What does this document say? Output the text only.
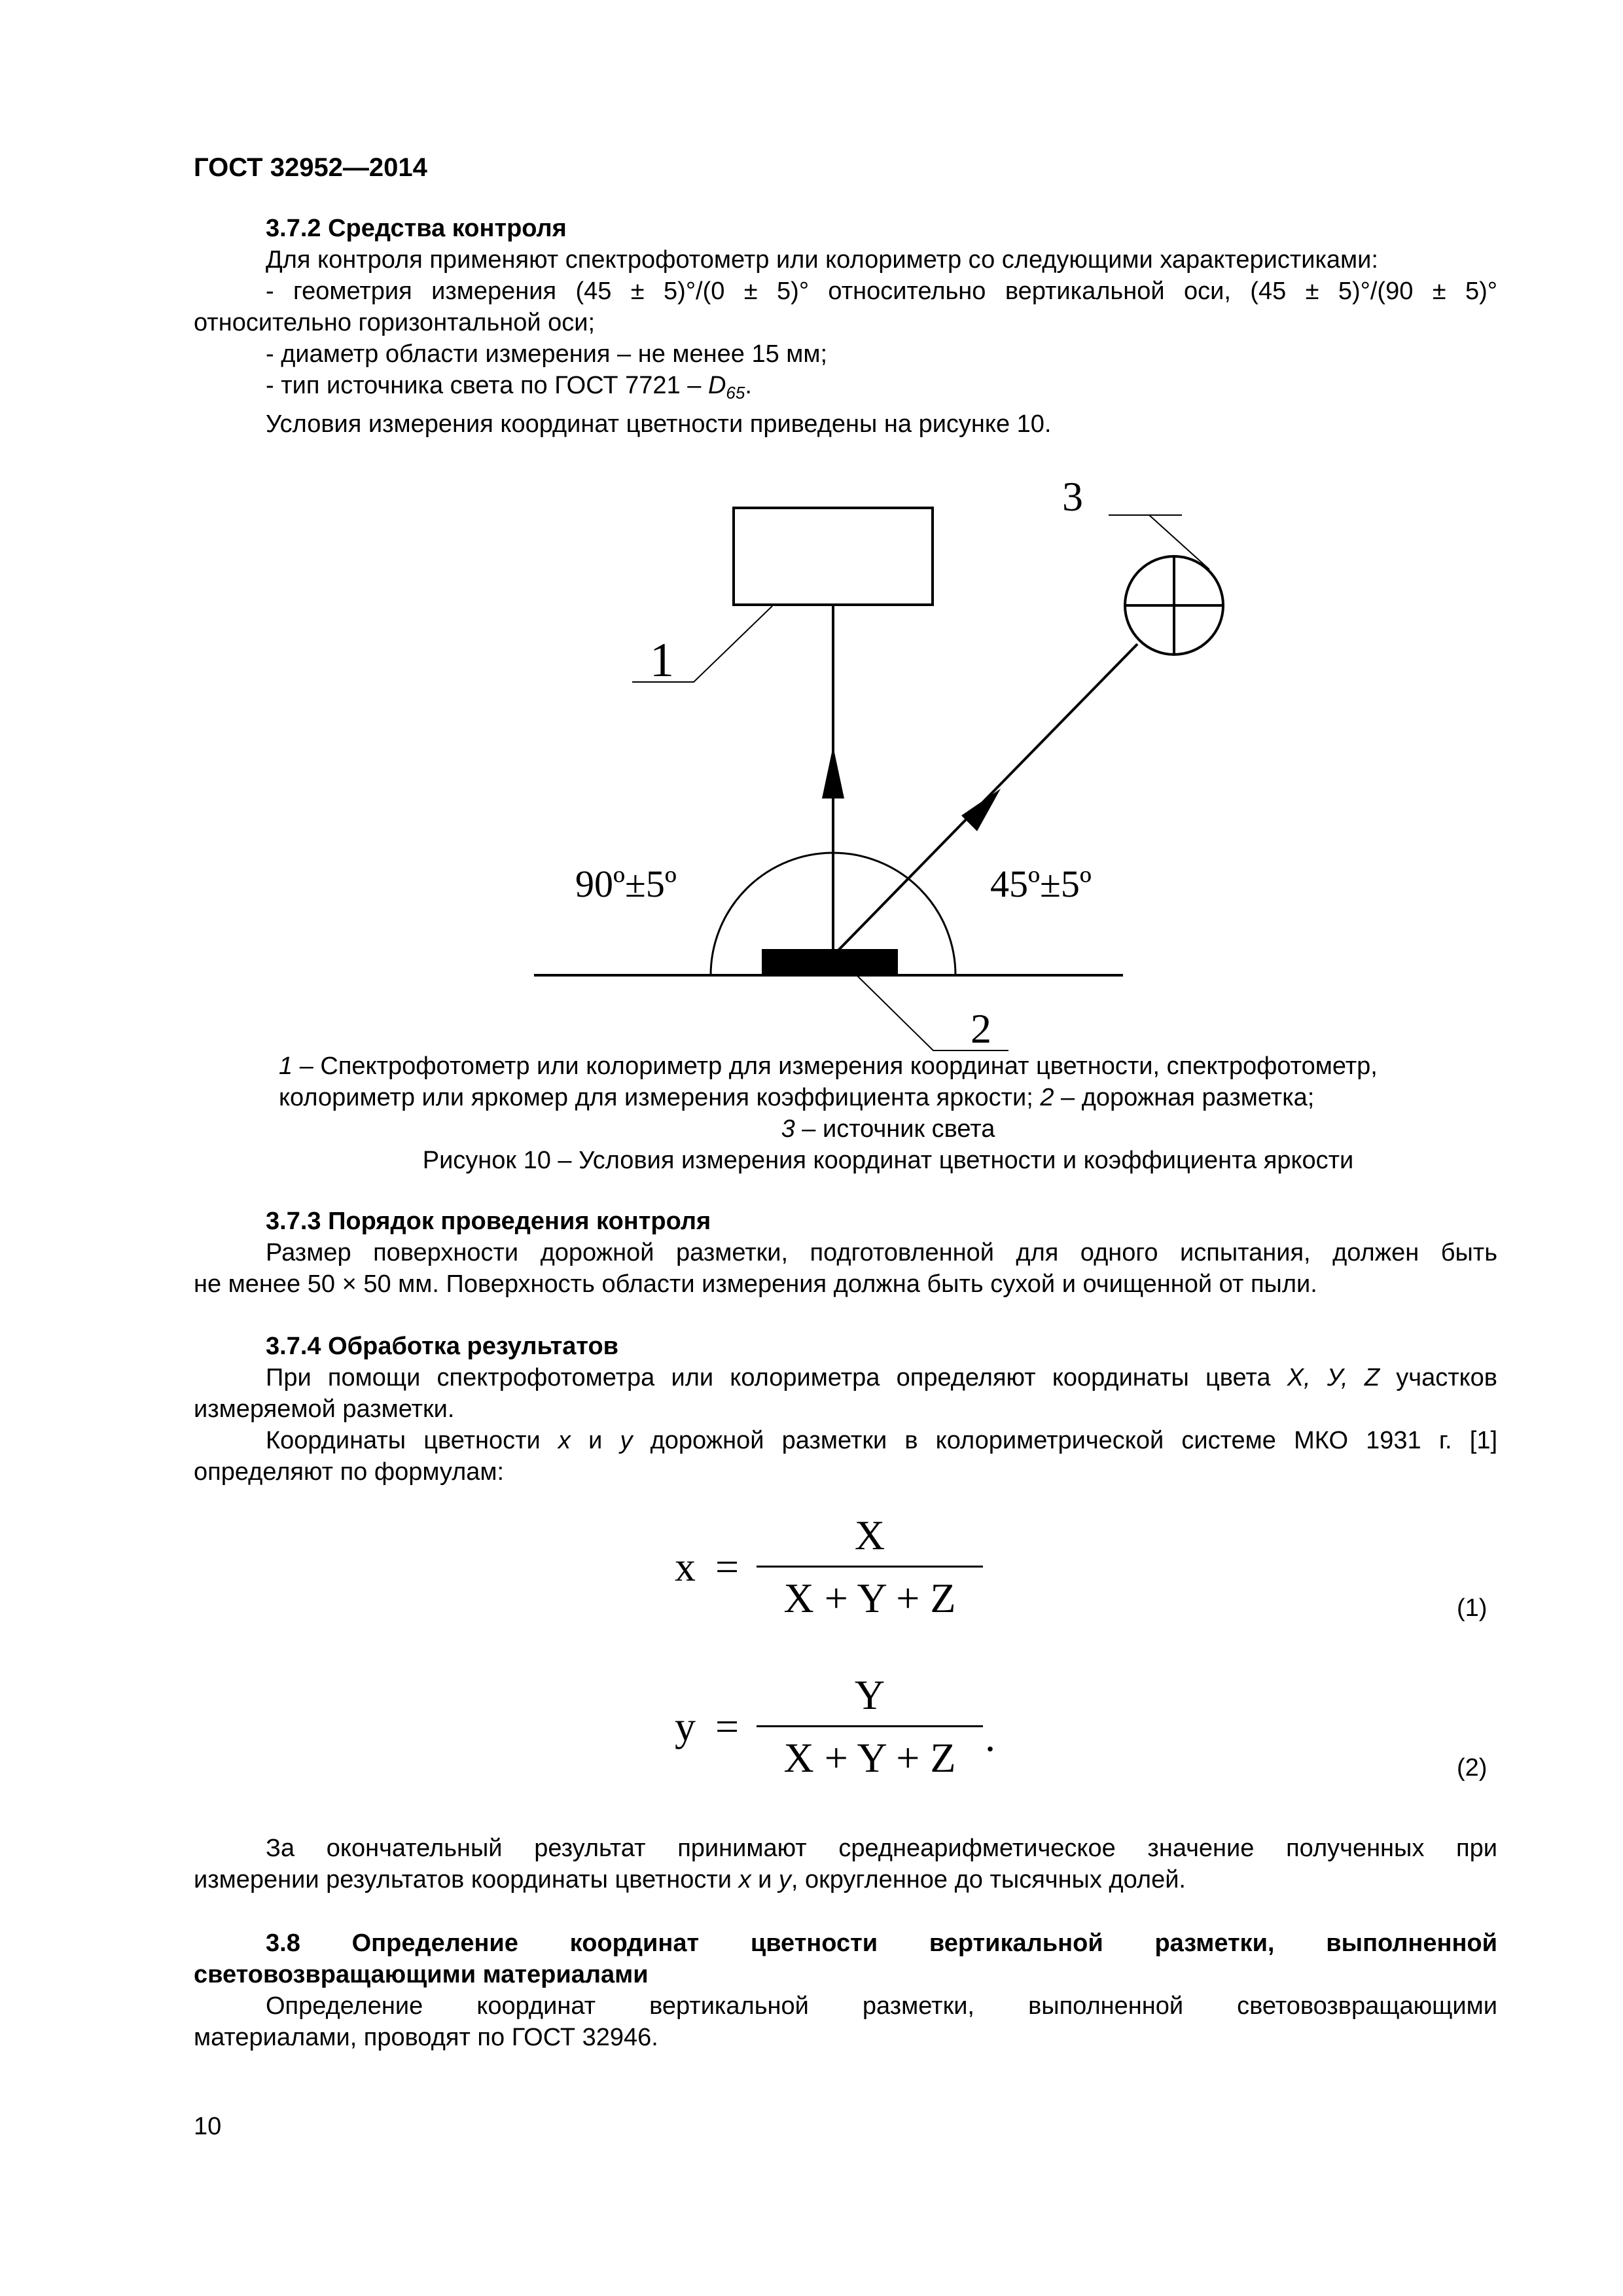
ГОСТ 32952—2014

3.7.2 Средства контроля

Для контроля применяют спектрофотометр или колориметр со следующими характеристиками:

- геометрия измерения (45 ± 5)°/(0 ± 5)° относительно вертикальной оси, (45 ± 5)°/(90 ± 5)°

относительно горизонтальной оси;

- диаметр области измерения – не менее 15 мм;

- тип источника света по ГОСТ $7721 - D_{65}$.

Условия измерения координат цветности приведены на рисунке 10.

1
3
2
90º±5º	45º±5º

1 – Спектрофотометр или колориметр для измерения координат цветности, спектрофотометр,

колориметр или яркомер для измерения коэффициента яркости; 2 – дорожная разметка;

3 – источник света

Рисунок 10 – Условия измерения координат цветности и коэффициента яркости

3.7.3 Порядок проведения контроля

Размер поверхности дорожной разметки, подготовленной для одного испытания, должен быть

не менее 50 × 50 мм. Поверхность области измерения должна быть сухой и очищенной от пыли.

3.7.4 Обработка результатов

При помощи спектрофотометра или колориметра определяют координаты цвета X, У, Z участков

измеряемой разметки.

Координаты цветности x и y дорожной разметки в колориметрической системе МКО 1931 г. [1]

определяют по формулам:

x =
X
X + Y + Z	(1)
y =
Y
X + Y + Z .
(2)

За окончательный результат принимают среднеарифметическое значение полученных при

измерении результатов координаты цветности x и y, округленное до тысячных долей.

3.8 Определение координат цветности вертикальной разметки, выполненной

световозвращающими материалами

Определение координат вертикальной разметки, выполненной световозвращающими

материалами, проводят по ГОСТ 32946.

10
